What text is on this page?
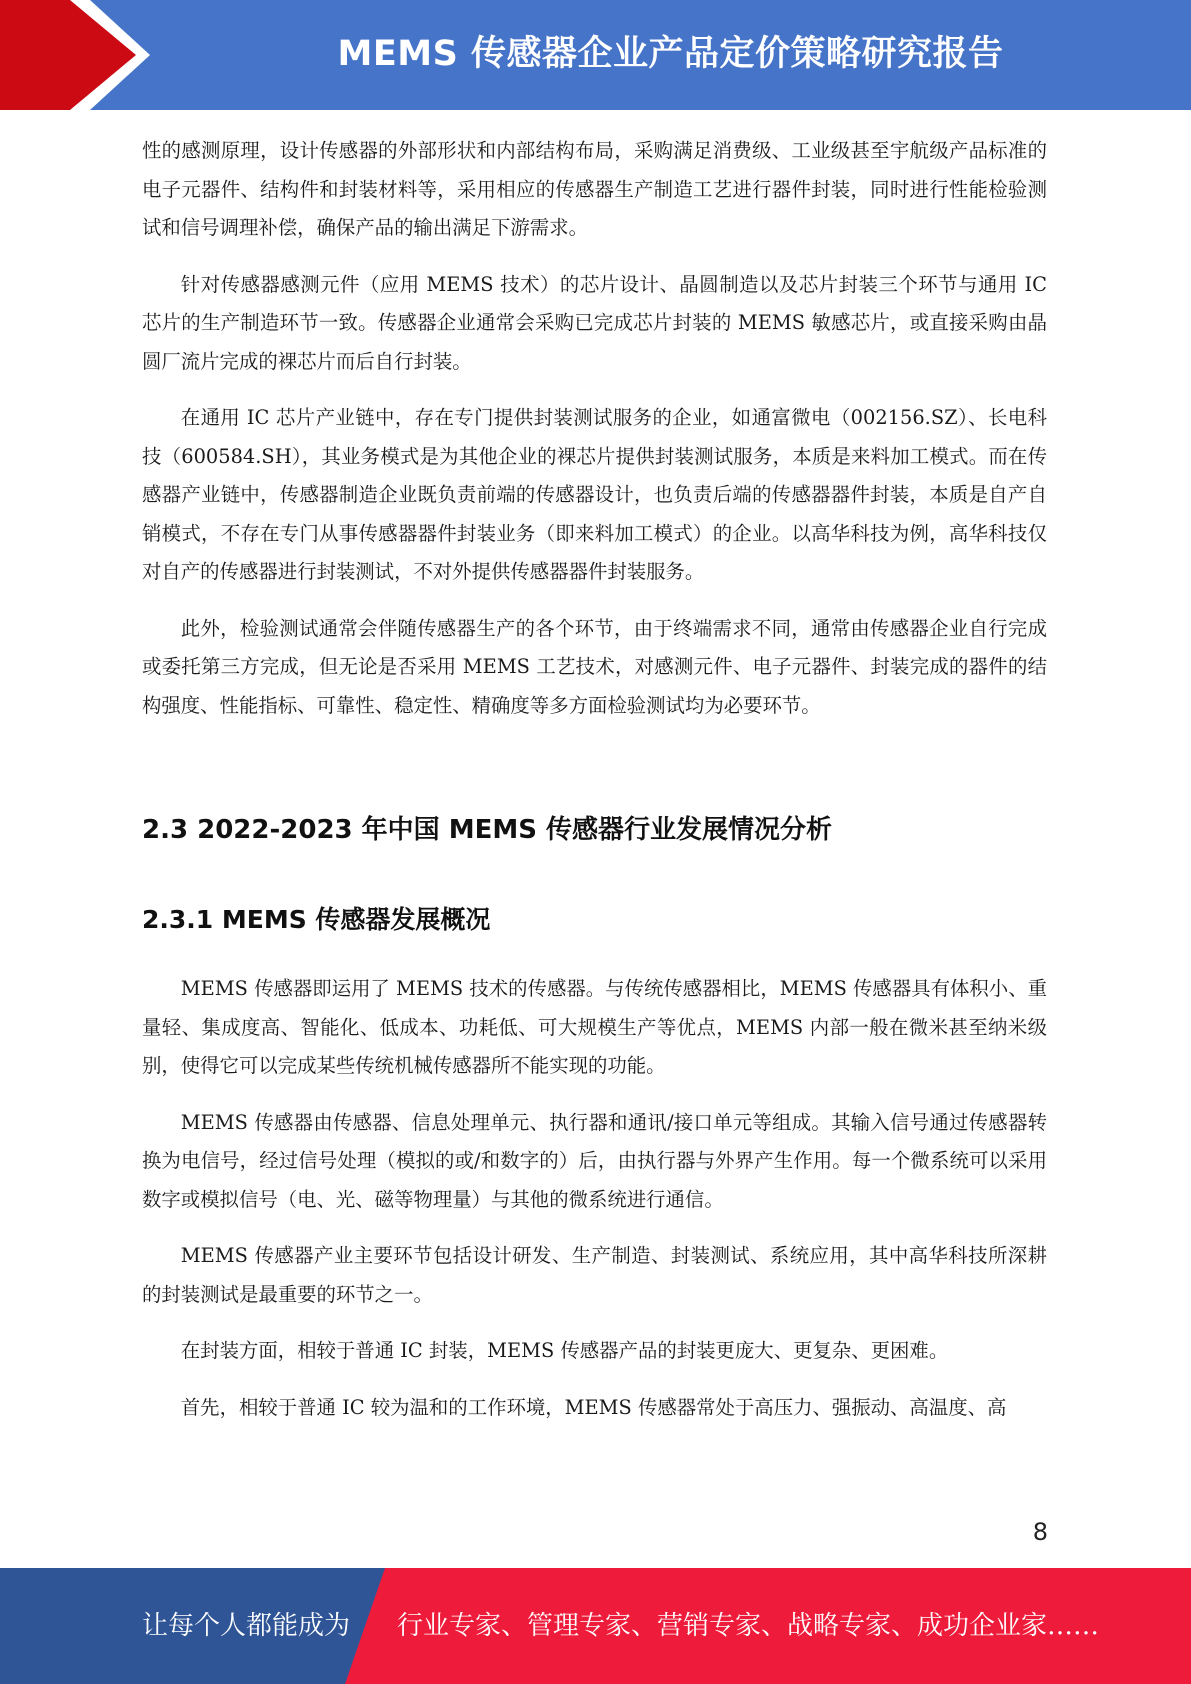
MEMS 传感器企业产品定价策略研究报告

性的感测原理，设计传感器的外部形状和内部结构布局，采购满足消费级、工业级甚至宇航级产品标准的电子元器件、结构件和封装材料等，采用相应的传感器生产制造工艺进行器件封装，同时进行性能检验测试和信号调理补偿，确保产品的输出满足下游需求。

针对传感器感测元件（应用 MEMS 技术）的芯片设计、晶圆制造以及芯片封装三个环节与通用 IC 芯片的生产制造环节一致。传感器企业通常会采购已完成芯片封装的 MEMS 敏感芯片，或直接采购由晶圆厂流片完成的裸芯片而后自行封装。

在通用 IC 芯片产业链中，存在专门提供封装测试服务的企业，如通富微电（002156.SZ）、长电科技（600584.SH），其业务模式是为其他企业的裸芯片提供封装测试服务，本质是来料加工模式。而在传感器产业链中，传感器制造企业既负责前端的传感器设计，也负责后端的传感器器件封装，本质是自产自销模式，不存在专门从事传感器器件封装业务（即来料加工模式）的企业。以高华科技为例，高华科技仅对自产的传感器进行封装测试，不对外提供传感器器件封装服务。

此外，检验测试通常会伴随传感器生产的各个环节，由于终端需求不同，通常由传感器企业自行完成或委托第三方完成，但无论是否采用 MEMS 工艺技术，对感测元件、电子元器件、封装完成的器件的结构强度、性能指标、可靠性、稳定性、精确度等多方面检验测试均为必要环节。

2.3 2022-2023 年中国 MEMS 传感器行业发展情况分析
2.3.1 MEMS 传感器发展概况

MEMS 传感器即运用了 MEMS 技术的传感器。与传统传感器相比，MEMS 传感器具有体积小、重量轻、集成度高、智能化、低成本、功耗低、可大规模生产等优点，MEMS 内部一般在微米甚至纳米级别，使得它可以完成某些传统机械传感器所不能实现的功能。

MEMS 传感器由传感器、信息处理单元、执行器和通讯/接口单元等组成。其输入信号通过传感器转换为电信号，经过信号处理（模拟的或/和数字的）后，由执行器与外界产生作用。每一个微系统可以采用数字或模拟信号（电、光、磁等物理量）与其他的微系统进行通信。

MEMS 传感器产业主要环节包括设计研发、生产制造、封装测试、系统应用，其中高华科技所深耕的封装测试是最重要的环节之一。

在封装方面，相较于普通 IC 封装，MEMS 传感器产品的封装更庞大、更复杂、更困难。

首先，相较于普通 IC 较为温和的工作环境，MEMS 传感器常处于高压力、强振动、高温度、高

8
让每个人都能成为 行业专家、管理专家、营销专家、战略专家、成功企业家……
